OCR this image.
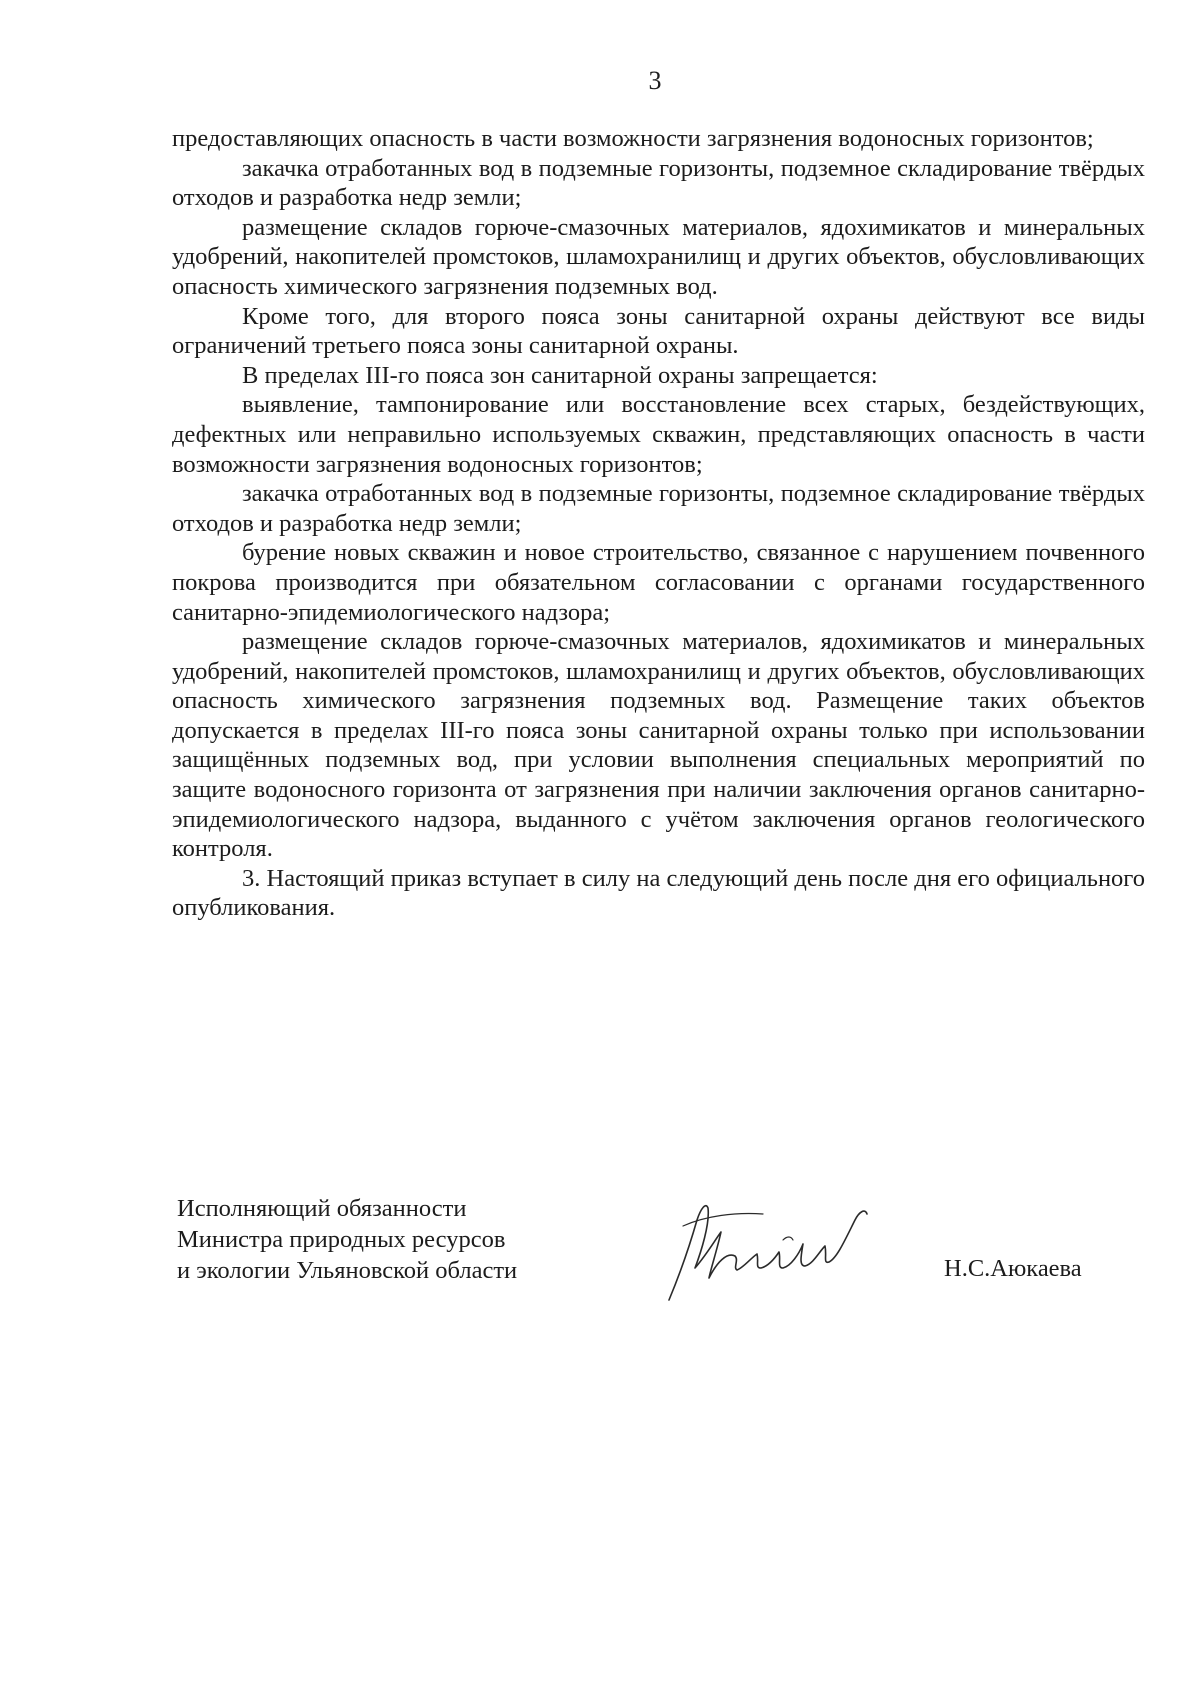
3

предоставляющих опасность в части возможности загрязнения водоносных горизонтов;

закачка отработанных вод в подземные горизонты, подземное складирование твёрдых отходов и разработка недр земли;

размещение складов горюче-смазочных материалов, ядохимикатов и минеральных удобрений, накопителей промстоков, шламохранилищ и других объектов, обусловливающих опасность химического загрязнения подземных вод.

Кроме того, для второго пояса зоны санитарной охраны действуют все виды ограничений третьего пояса зоны санитарной охраны.

В пределах III-го пояса зон санитарной охраны запрещается:

выявление, тампонирование или восстановление всех старых, бездействующих, дефектных или неправильно используемых скважин, представляющих опасность в части возможности загрязнения водоносных горизонтов;

закачка отработанных вод в подземные горизонты, подземное складирование твёрдых отходов и разработка недр земли;

бурение новых скважин и новое строительство, связанное с нарушением почвенного покрова производится при обязательном согласовании с органами государственного санитарно-эпидемиологического надзора;

размещение складов горюче-смазочных материалов, ядохимикатов и минеральных удобрений, накопителей промстоков, шламохранилищ и других объектов, обусловливающих опасность химического загрязнения подземных вод. Размещение таких объектов допускается в пределах III-го пояса зоны санитарной охраны только при использовании защищённых подземных вод, при условии выполнения специальных мероприятий по защите водоносного горизонта от загрязнения при наличии заключения органов санитарно-эпидемиологического надзора, выданного с учётом заключения органов геологического контроля.

3. Настоящий приказ вступает в силу на следующий день после дня его официального опубликования.

Исполняющий обязанности
Министра природных ресурсов
и экологии Ульяновской области	Н.С.Аюкаева
